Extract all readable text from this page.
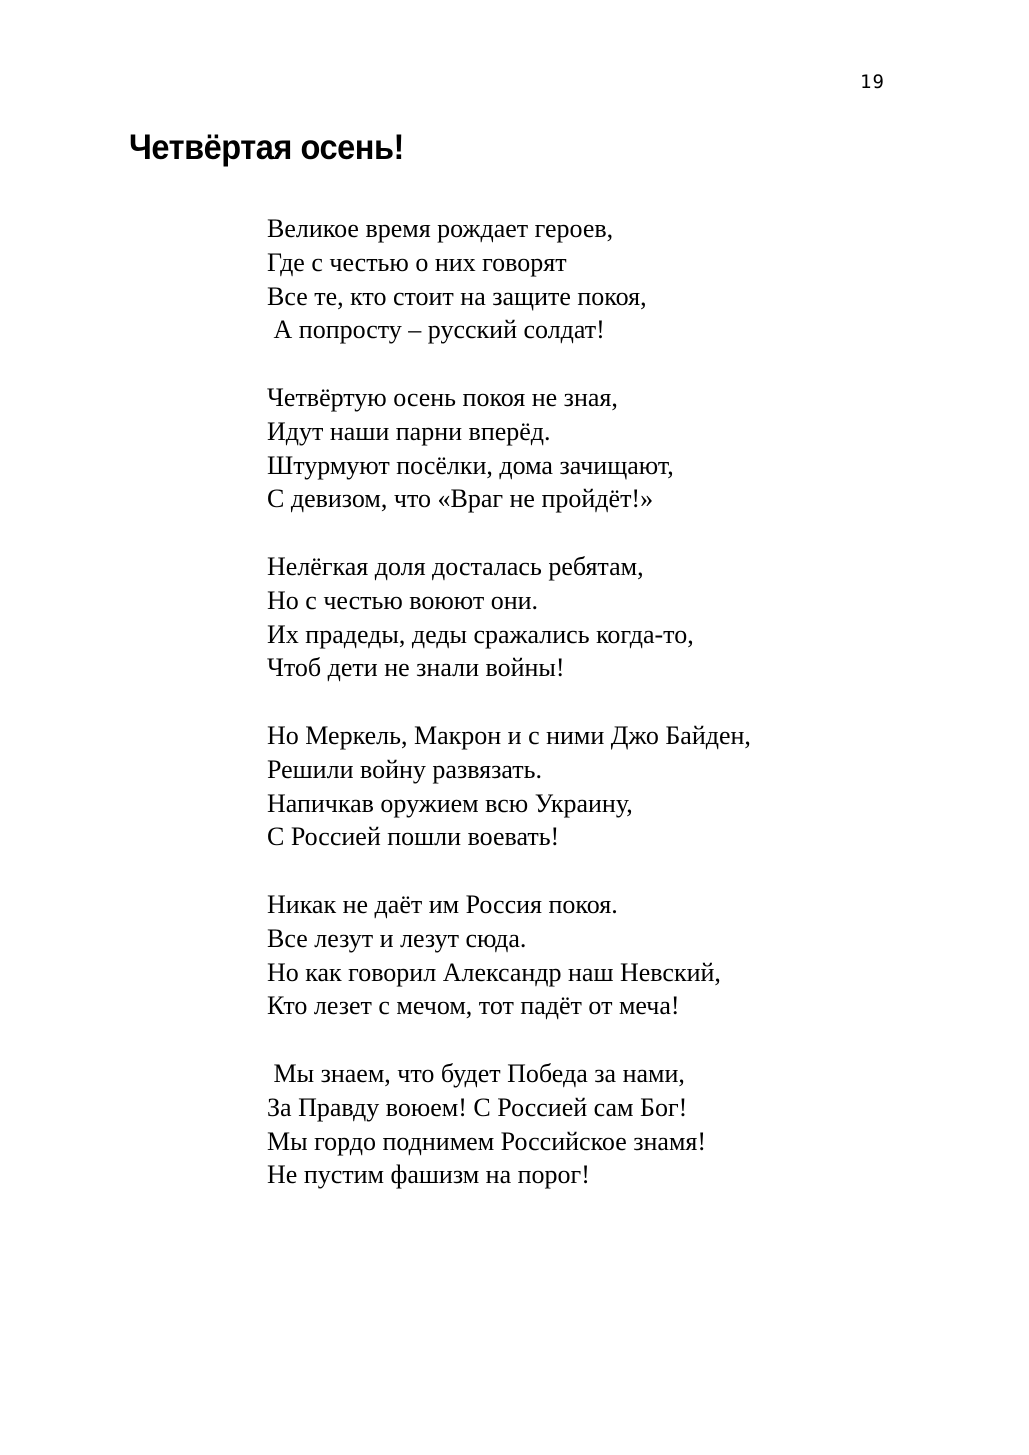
19
Четвёртая осень!
Великое время рождает героев,
Где с честью о них говорят
Все те, кто стоит на защите покоя,
А попросту – русский солдат!
Четвёртую осень покоя не зная,
Идут наши парни вперёд.
Штурмуют посёлки, дома зачищают,
С девизом, что «Враг не пройдёт!»
Нелёгкая доля досталась ребятам,
Но с честью воюют они.
Их прадеды, деды сражались когда-то,
Чтоб дети не знали войны!
Но Меркель, Макрон и с ними Джо Байден,
Решили войну развязать.
Напичкав оружием всю Украину,
С Россией пошли воевать!
Никак не даёт им Россия покоя.
Все лезут и лезут сюда.
Но как говорил Александр наш Невский,
Кто лезет с мечом, тот падёт от меча!
Мы знаем, что будет Победа за нами,
За Правду воюем! С Россией сам Бог!
Мы гордо поднимем Российское знамя!
Не пустим фашизм на порог!
